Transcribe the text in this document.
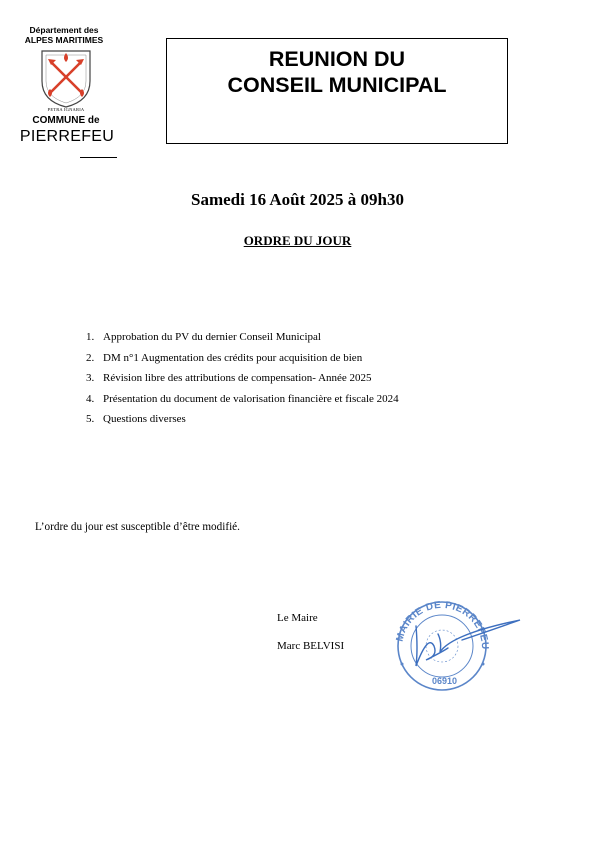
Département des
ALPES MARITIMES
PETRA IGNARIA
COMMUNE de
PIERREFEU
REUNION DU
CONSEIL MUNICIPAL
Samedi 16 Août 2025 à 09h30
ORDRE DU JOUR
1. Approbation du PV du dernier Conseil Municipal
2. DM n°1 Augmentation des crédits pour acquisition de bien
3. Révision libre des attributions de compensation- Année 2025
4. Présentation du document de valorisation financière et fiscale 2024
5. Questions diverses
L’ordre du jour est susceptible d’être modifié.
Le Maire
Marc BELVISI
MAIRIE DE PIERREFEU
06910
